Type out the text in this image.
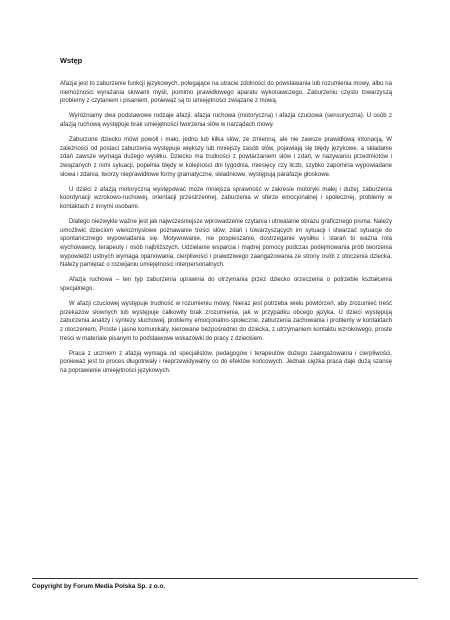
Wstęp

Afazja jest to zaburzenie funkcji językowych, polegające na utracie zdolności do powstawania lub rozumienia mowy, albo na niemożności wyrażania słowami myśli, pomimo prawidłowego aparatu wykonawczego. Zaburzeniu często towarzyszą problemy z czytaniem i pisaniem, ponieważ są to umiejętności związane z mową.

Wyróżniamy dwa podstawowe rodzaje afazji: afazja ruchowa (motoryczna) i afazja czuciowa (sensoryczna). U osób z afazją ruchową występuje brak umiejętności tworzenia słów w narządach mowy.

Zaburzone dziecko mówi powoli i mało, jedno lub kilka słów, ze zmienną, ale nie zawsze prawidłową intonacją. W zależności od postaci zaburzenia występuje większy lub mniejszy zasób słów, pojawiają się błędy językowe, a składanie zdań zawsze wymaga dużego wysiłku. Dziecko ma trudności z powtarzaniem słów i zdań, w nazywaniu przedmiotów i związanych z nimi sytuacji, popełnia błędy w kolejności dni tygodnia, miesięcy czy liczb, szybko zapomina wypowiadane słowa i zdania, tworzy nieprawidłowe formy gramatyczne, składniowe, występują parafazje głoskowe.

U dzieci z afazją motoryczną występować może mniejsza sprawność w zakresie motoryki małej i dużej, zaburzenia koordynacji wzrokowo-ruchowej, orientacji przestrzennej, zaburzenia w sferze emocjonalnej i społecznej, problemy w kontaktach z innymi osobami.

Dlatego niezwykle ważne jest jak najwcześniejsze wprowadzenie czytania i utrwalanie obrazu graficznego pisma. Należy umożliwić dzieciom wielozmysłowe poznawanie treści słów, zdań i towarzyszących im sytuacji i stwarzać sytuacje do spontanicznego wypowiadania się. Motywowanie, nie pospieszanie, dostrzeganie wysiłku i starań to ważna rola wychowawcy, terapeuty i osób najbliższych. Udzielanie wsparcia i mądrej pomocy podczas podejmowania prób tworzenia wypowiedzi ustnych wymaga opanowania, cierpliwości i prawdziwego zaangażowania ze strony osób z otoczenia dziecka. Należy pamiętać o rozwijaniu umiejętności interpersonalnych.

Afazja ruchowa – ten typ zaburzenia uprawnia do otrzymania przez dziecko orzeczenia o potrzebie kształcenia specjalnego.

W afazji czuciowej występuje trudność w rozumieniu mowy. Nieraz jest potrzeba wielu powtórzeń, aby zrozumieć treść przekazów słownych lub występuje całkowity brak zrozumienia, jak w przypadku obcego języka. U dzieci występują zaburzenia analizy i syntezy słuchowej, problemy emocjonalno-społeczne, zaburzenia zachowania i problemy w kontaktach z otoczeniem. Proste i jasne komunikaty, kierowane bezpośrednio do dziecka, z utrzymaniem kontaktu wzrokowego, proste treści w materiale pisanym to podstawowe wskazówki do pracy z dzieckiem.

Praca z uczniem z afazją wymaga od specjalistów, pedagogów i terapeutów dużego zaangażowania i cierpliwości, ponieważ jest to proces długotrwały i nieprzewidywalny co do efektów końcowych. Jednak ciężka praca daje dużą szansę na poprawienie umiejętności językowych.

Copyright by Forum Media Polska Sp. z o.o.
